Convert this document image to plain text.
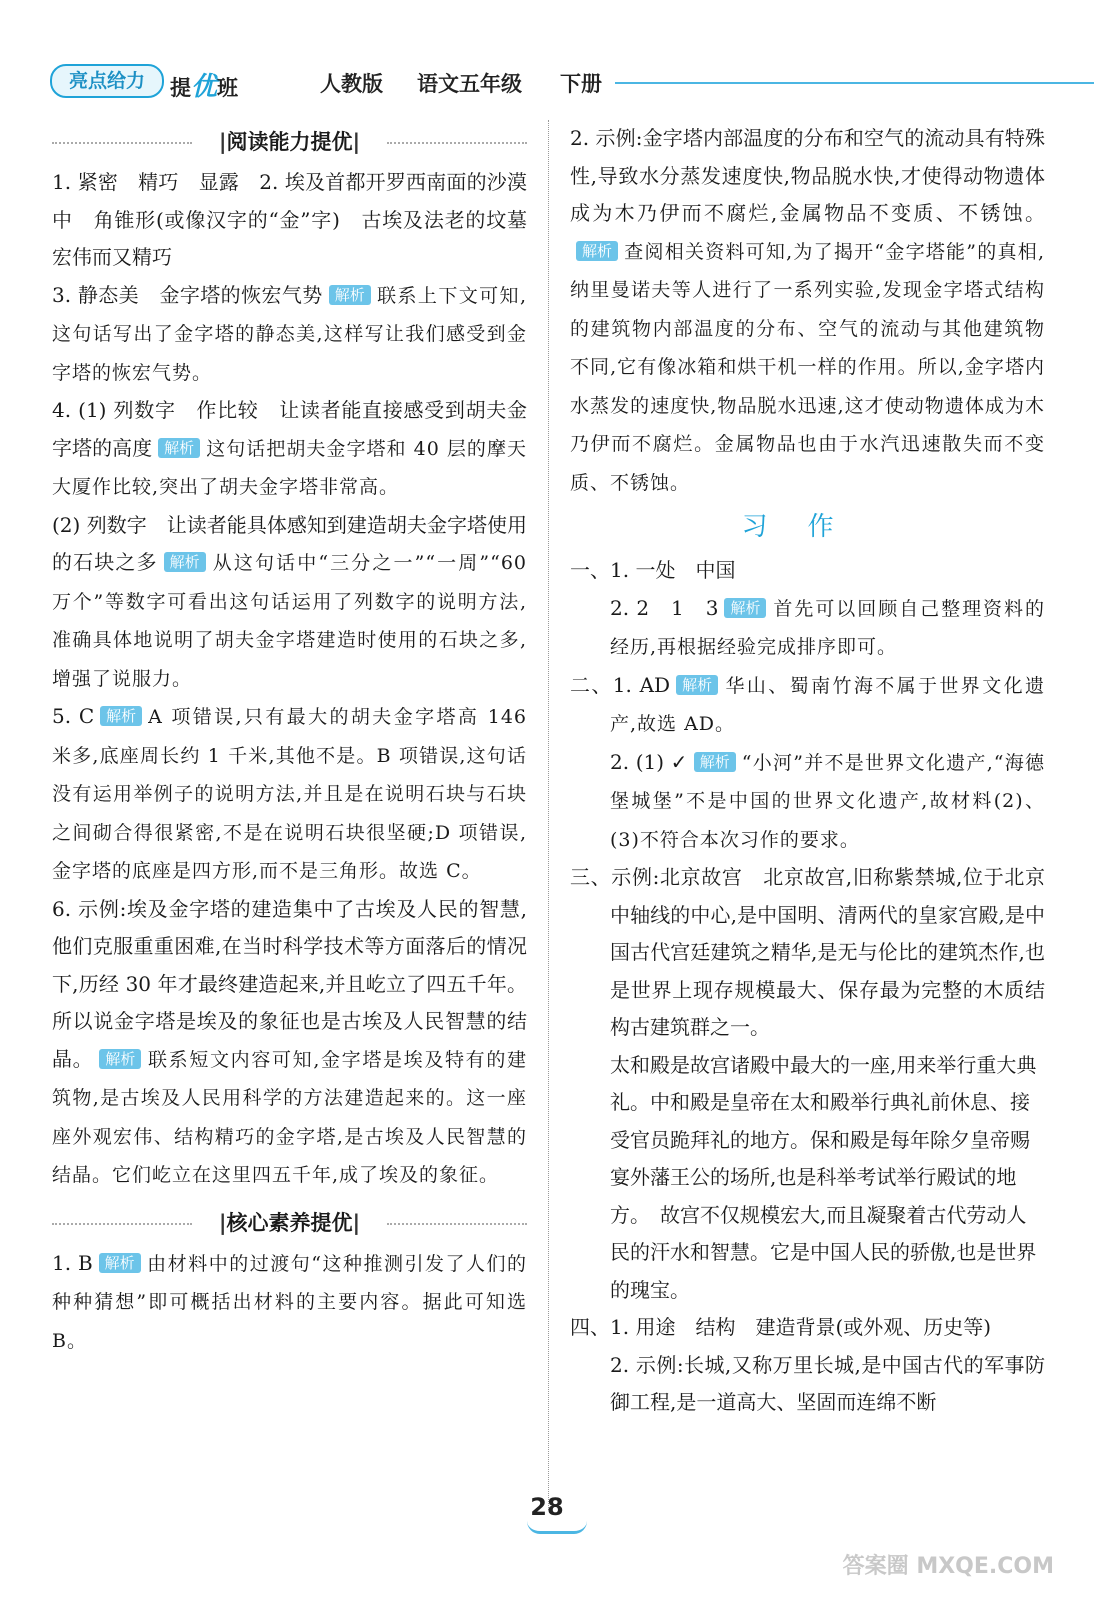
亮点给力	提优班	人教版 语文五年级 下册
|阅读能力提优|

1. 紧密　精巧　显露　2. 埃及首都开罗西南面的沙漠中　角锥形(或像汉字的“金”字)　古埃及法老的坟墓　宏伟而又精巧

3. 静态美　金字塔的恢宏气势 解析 联系上下文可知,这句话写出了金字塔的静态美,这样写让我们感受到金字塔的恢宏气势。

4. (1) 列数字　作比较　让读者能直接感受到胡夫金字塔的高度 解析 这句话把胡夫金字塔和 40 层的摩天大厦作比较,突出了胡夫金字塔非常高。

(2) 列数字　让读者能具体感知到建造胡夫金字塔使用的石块之多 解析 从这句话中“三分之一”“一周”“60 万个”等数字可看出这句话运用了列数字的说明方法,准确具体地说明了胡夫金字塔建造时使用的石块之多,增强了说服力。

5. C 解析 A 项错误,只有最大的胡夫金字塔高 146 米多,底座周长约 1 千米,其他不是。B 项错误,这句话没有运用举例子的说明方法,并且是在说明石块与石块之间砌合得很紧密,不是在说明石块很坚硬;D 项错误,金字塔的底座是四方形,而不是三角形。故选 C。

6. 示例:埃及金字塔的建造集中了古埃及人民的智慧,他们克服重重困难,在当时科学技术等方面落后的情况下,历经 30 年才最终建造起来,并且屹立了四五千年。所以说金字塔是埃及的象征也是古埃及人民智慧的结晶。 解析 联系短文内容可知,金字塔是埃及特有的建筑物,是古埃及人民用科学的方法建造起来的。这一座座外观宏伟、结构精巧的金字塔,是古埃及人民智慧的结晶。它们屹立在这里四五千年,成了埃及的象征。

|核心素养提优|

1. B 解析 由材料中的过渡句“这种推测引发了人们的种种猜想”即可概括出材料的主要内容。据此可知选 B。

2. 示例:金字塔内部温度的分布和空气的流动具有特殊性,导致水分蒸发速度快,物品脱水快,才使得动物遗体成为木乃伊而不腐烂,金属物品不变质、不锈蚀。解析 查阅相关资料可知,为了揭开“金字塔能”的真相,纳里曼诺夫等人进行了一系列实验,发现金字塔式结构的建筑物内部温度的分布、空气的流动与其他建筑物不同,它有像冰箱和烘干机一样的作用。所以,金字塔内水蒸发的速度快,物品脱水迅速,这才使动物遗体成为木乃伊而不腐烂。金属物品也由于水汽迅速散失而不变质、不锈蚀。

习作

一、1. 一处　中国

2. 2　1　3 解析 首先可以回顾自己整理资料的经历,再根据经验完成排序即可。

二、1. AD 解析 华山、蜀南竹海不属于世界文化遗产,故选 AD。

2. (1) ✓ 解析 “小河”并不是世界文化遗产,“海德堡城堡”不是中国的世界文化遗产,故材料(2)、(3)不符合本次习作的要求。

三、示例:北京故宫　北京故宫,旧称紫禁城,位于北京中轴线的中心,是中国明、清两代的皇家宫殿,是中国古代宫廷建筑之精华,是无与伦比的建筑杰作,也是世界上现存规模最大、保存最为完整的木质结构古建筑群之一。

太和殿是故宫诸殿中最大的一座,用来举行重大典礼。中和殿是皇帝在太和殿举行典礼前休息、接受官员跪拜礼的地方。保和殿是每年除夕皇帝赐宴外藩王公的场所,也是科举考试举行殿试的地方。　故宫不仅规模宏大,而且凝聚着古代劳动人民的汗水和智慧。它是中国人民的骄傲,也是世界的瑰宝。

四、1. 用途　结构　建造背景(或外观、历史等)

2. 示例:长城,又称万里长城,是中国古代的军事防御工程,是一道高大、坚固而连绵不断

28
答案圈 MXQE.COM
